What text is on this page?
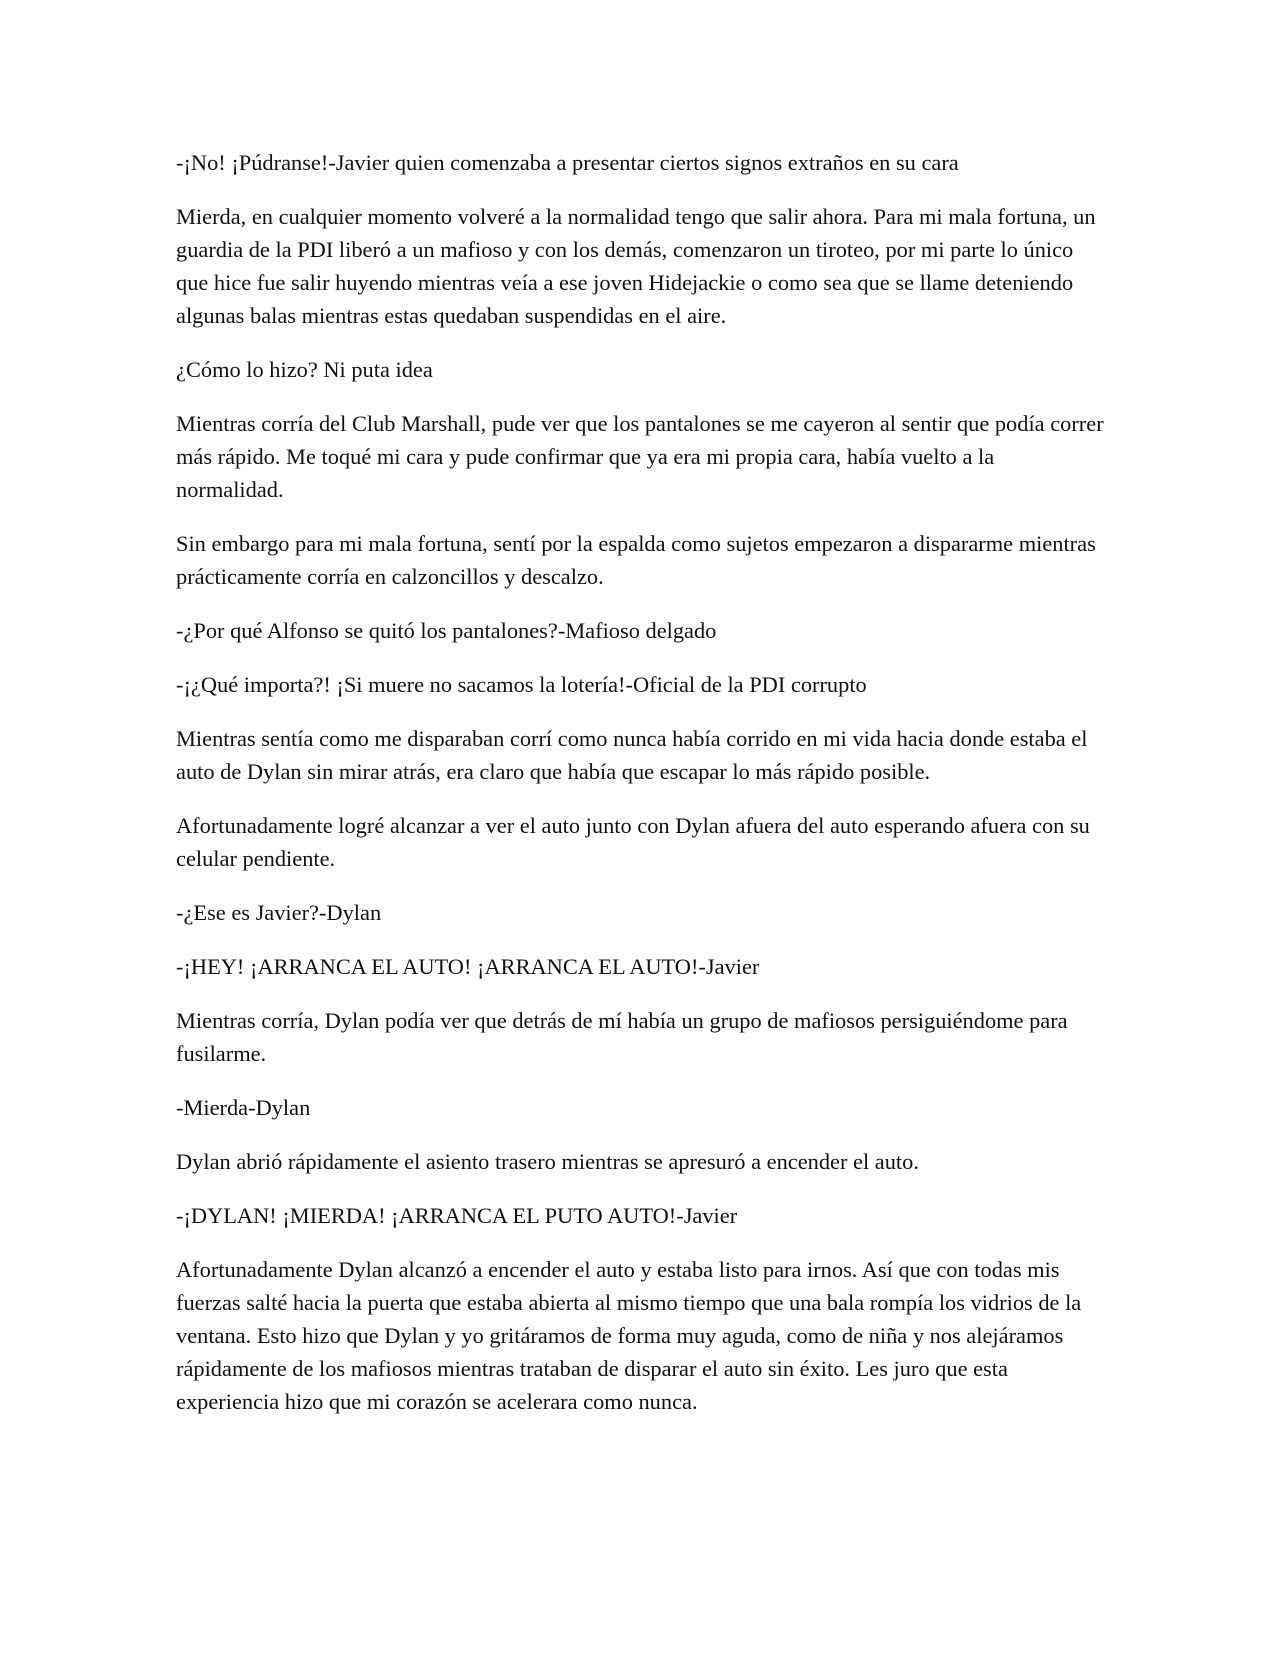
-¡No! ¡Púdranse!-Javier quien comenzaba a presentar ciertos signos extraños en su cara

Mierda, en cualquier momento volveré a la normalidad tengo que salir ahora. Para mi mala fortuna, un guardia de la PDI liberó a un mafioso y con los demás, comenzaron un tiroteo, por mi parte lo único que hice fue salir huyendo mientras veía a ese joven Hidejackie o como sea que se llame deteniendo algunas balas mientras estas quedaban suspendidas en el aire.

¿Cómo lo hizo? Ni puta idea

Mientras corría del Club Marshall, pude ver que los pantalones se me cayeron al sentir que podía correr más rápido. Me toqué mi cara y pude confirmar que ya era mi propia cara, había vuelto a la normalidad.

Sin embargo para mi mala fortuna, sentí por la espalda como sujetos empezaron a dispararme mientras prácticamente corría en calzoncillos y descalzo.

-¿Por qué Alfonso se quitó los pantalones?-Mafioso delgado

-¡¿Qué importa?! ¡Si muere no sacamos la lotería!-Oficial de la PDI corrupto

Mientras sentía como me disparaban corrí como nunca había corrido en mi vida hacia donde estaba el auto de Dylan sin mirar atrás, era claro que había que escapar lo más rápido posible.

Afortunadamente logré alcanzar a ver el auto junto con Dylan afuera del auto esperando afuera con su celular pendiente.

-¿Ese es Javier?-Dylan

-¡HEY! ¡ARRANCA EL AUTO! ¡ARRANCA EL AUTO!-Javier

Mientras corría, Dylan podía ver que detrás de mí había un grupo de mafiosos persiguiéndome para fusilarme.

-Mierda-Dylan

Dylan abrió rápidamente el asiento trasero mientras se apresuró a encender el auto.

-¡DYLAN! ¡MIERDA! ¡ARRANCA EL PUTO AUTO!-Javier

Afortunadamente Dylan alcanzó a encender el auto y estaba listo para irnos. Así que con todas mis fuerzas salté hacia la puerta que estaba abierta al mismo tiempo que una bala rompía los vidrios de la ventana. Esto hizo que Dylan y yo gritáramos de forma muy aguda, como de niña y nos alejáramos rápidamente de los mafiosos mientras trataban de disparar el auto sin éxito. Les juro que esta experiencia hizo que mi corazón se acelerara como nunca.
